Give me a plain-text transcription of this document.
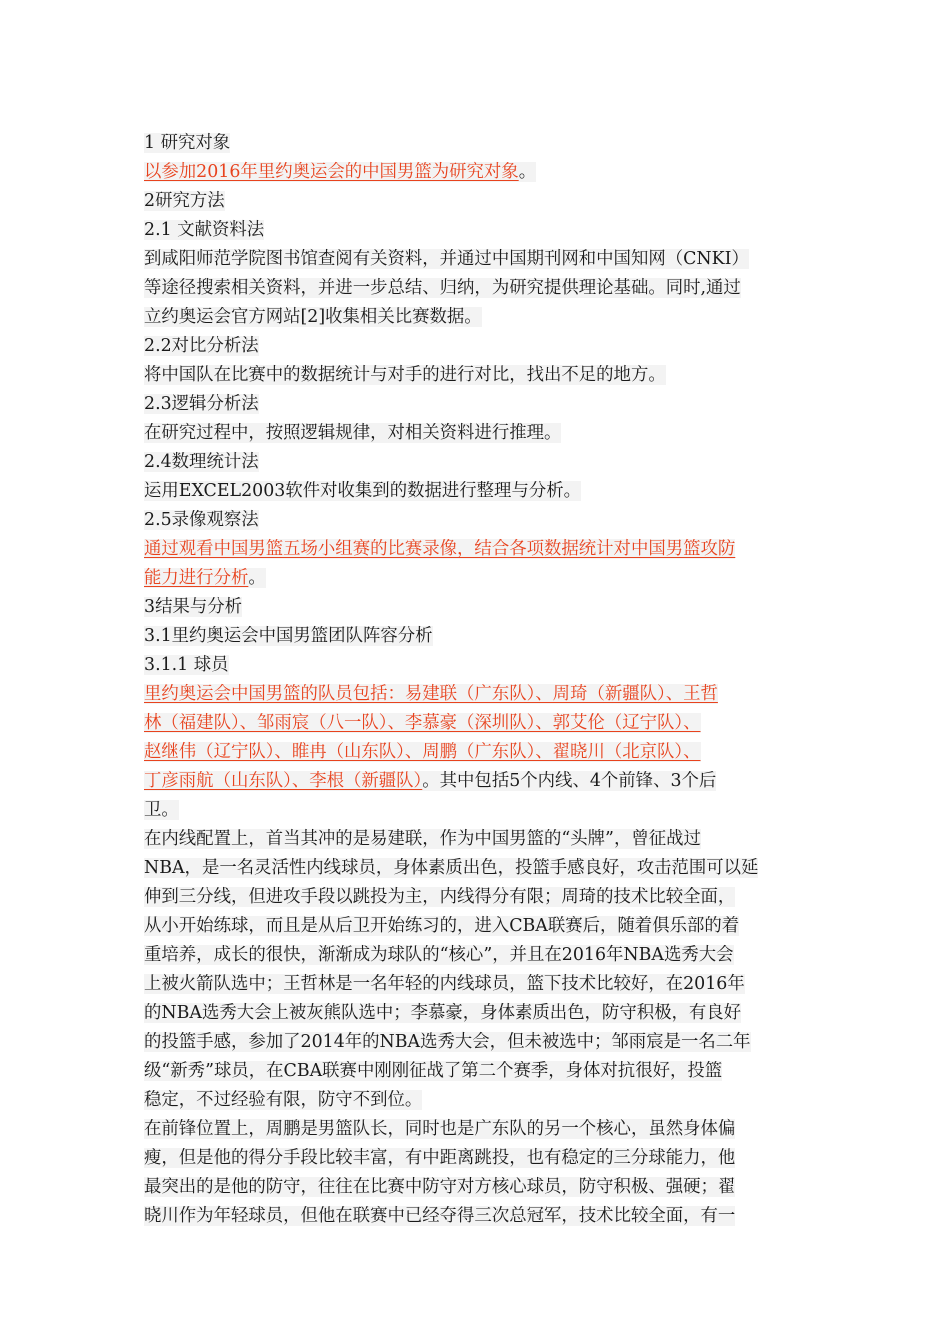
1 研究对象
以参加2016年里约奥运会的中国男篮为研究对象。
2研究方法
2.1 文献资料法
到咸阳师范学院图书馆查阅有关资料，并通过中国期刊网和中国知网（CNKI）
等途径搜索相关资料，并进一步总结、归纳，为研究提供理论基础。同时,通过
立约奥运会官方网站[2]收集相关比赛数据。
2.2对比分析法
将中国队在比赛中的数据统计与对手的进行对比，找出不足的地方。
2.3逻辑分析法
在研究过程中，按照逻辑规律，对相关资料进行推理。
2.4数理统计法
运用EXCEL2003软件对收集到的数据进行整理与分析。
2.5录像观察法
通过观看中国男篮五场小组赛的比赛录像，结合各项数据统计对中国男篮攻防
能力进行分析。
3结果与分析
3.1里约奥运会中国男篮团队阵容分析
3.1.1 球员
里约奥运会中国男篮的队员包括：易建联（广东队）、周琦（新疆队）、王哲
林（福建队）、邹雨宸（八一队）、李慕豪（深圳队）、郭艾伦（辽宁队）、
赵继伟（辽宁队）、睢冉（山东队）、周鹏（广东队）、翟晓川（北京队）、
丁彦雨航（山东队）、李根（新疆队）。其中包括5个内线、4个前锋、3个后
卫。
在内线配置上，首当其冲的是易建联，作为中国男篮的“头牌”，曾征战过
NBA，是一名灵活性内线球员，身体素质出色，投篮手感良好，攻击范围可以延
伸到三分线，但进攻手段以跳投为主，内线得分有限；周琦的技术比较全面，
从小开始练球，而且是从后卫开始练习的，进入CBA联赛后，随着俱乐部的着
重培养，成长的很快，渐渐成为球队的“核心”，并且在2016年NBA选秀大会
上被火箭队选中；王哲林是一名年轻的内线球员，篮下技术比较好，在2016年
的NBA选秀大会上被灰熊队选中；李慕豪，身体素质出色，防守积极，有良好
的投篮手感，参加了2014年的NBA选秀大会，但未被选中；邹雨宸是一名二年
级“新秀”球员，在CBA联赛中刚刚征战了第二个赛季，身体对抗很好，投篮
稳定，不过经验有限，防守不到位。
在前锋位置上，周鹏是男篮队长，同时也是广东队的另一个核心，虽然身体偏
瘦，但是他的得分手段比较丰富，有中距离跳投，也有稳定的三分球能力，他
最突出的是他的防守，往往在比赛中防守对方核心球员，防守积极、强硬；翟
晓川作为年轻球员，但他在联赛中已经夺得三次总冠军，技术比较全面，有一
